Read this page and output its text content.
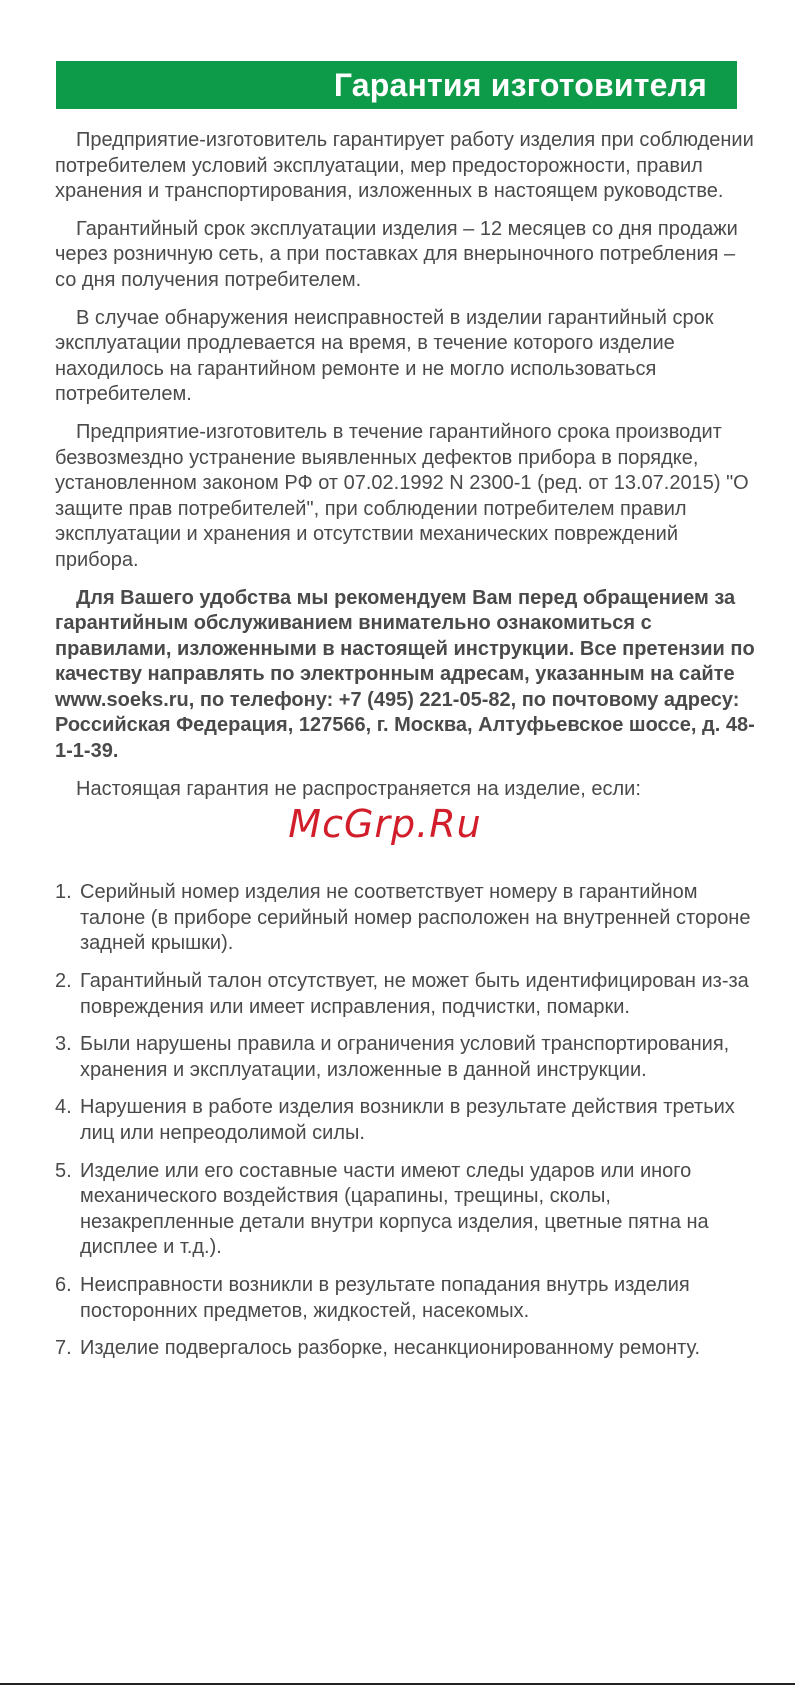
Гарантия изготовителя

Предприятие-изготовитель гарантирует работу изделия при соблюдении потребителем условий эксплуатации, мер предосторожности, правил хранения и транспортирования, изложенных в настоящем руководстве.

Гарантийный срок эксплуатации изделия – 12 месяцев со дня продажи через розничную сеть, а при поставках для внерыночного потребления – со дня получения потребителем.

В случае обнаружения неисправностей в изделии гарантийный срок эксплуатации продлевается на время, в течение которого изделие находилось на гарантийном ремонте и не могло использоваться потребителем.

Предприятие-изготовитель в течение гарантийного срока производит безвозмездно устранение выявленных дефектов прибора в порядке, установленном законом РФ от 07.02.1992 N 2300-1 (ред. от 13.07.2015) "О защите прав потребителей", при соблюдении потребителем правил эксплуатации и хранения и отсутствии механических повреждений прибора.

Для Вашего удобства мы рекомендуем Вам перед обращением за гарантийным обслуживанием внимательно ознакомиться с правилами, изложенными в настоящей инструкции. Все претензии по качеству направлять по электронным адресам, указанным на сайте www.soeks.ru, по телефону: +7 (495) 221-05-82, по почтовому адресу: Российская Федерация, 127566, г. Москва, Алтуфьевское шоссе, д. 48-1-1-39.

Настоящая гарантия не распространяется на изделие, если:

McGrp.Ru
1. Серийный номер изделия не соответствует номеру в гарантийном талоне (в приборе серийный номер расположен на внутренней стороне задней крышки).
2. Гарантийный талон отсутствует, не может быть идентифицирован из-за повреждения или имеет исправления, подчистки, помарки.
3. Были нарушены правила и ограничения условий транспортирования, хранения и эксплуатации, изложенные в данной инструкции.
4. Нарушения в работе изделия возникли в результате действия третьих лиц или непреодолимой силы.
5. Изделие или его составные части имеют следы ударов или иного механического воздействия (царапины, трещины, сколы, незакрепленные детали внутри корпуса изделия, цветные пятна на дисплее и т.д.).
6. Неисправности возникли в результате попадания внутрь изделия посторонних предметов, жидкостей, насекомых.
7. Изделие подвергалось разборке, несанкционированному ремонту.
